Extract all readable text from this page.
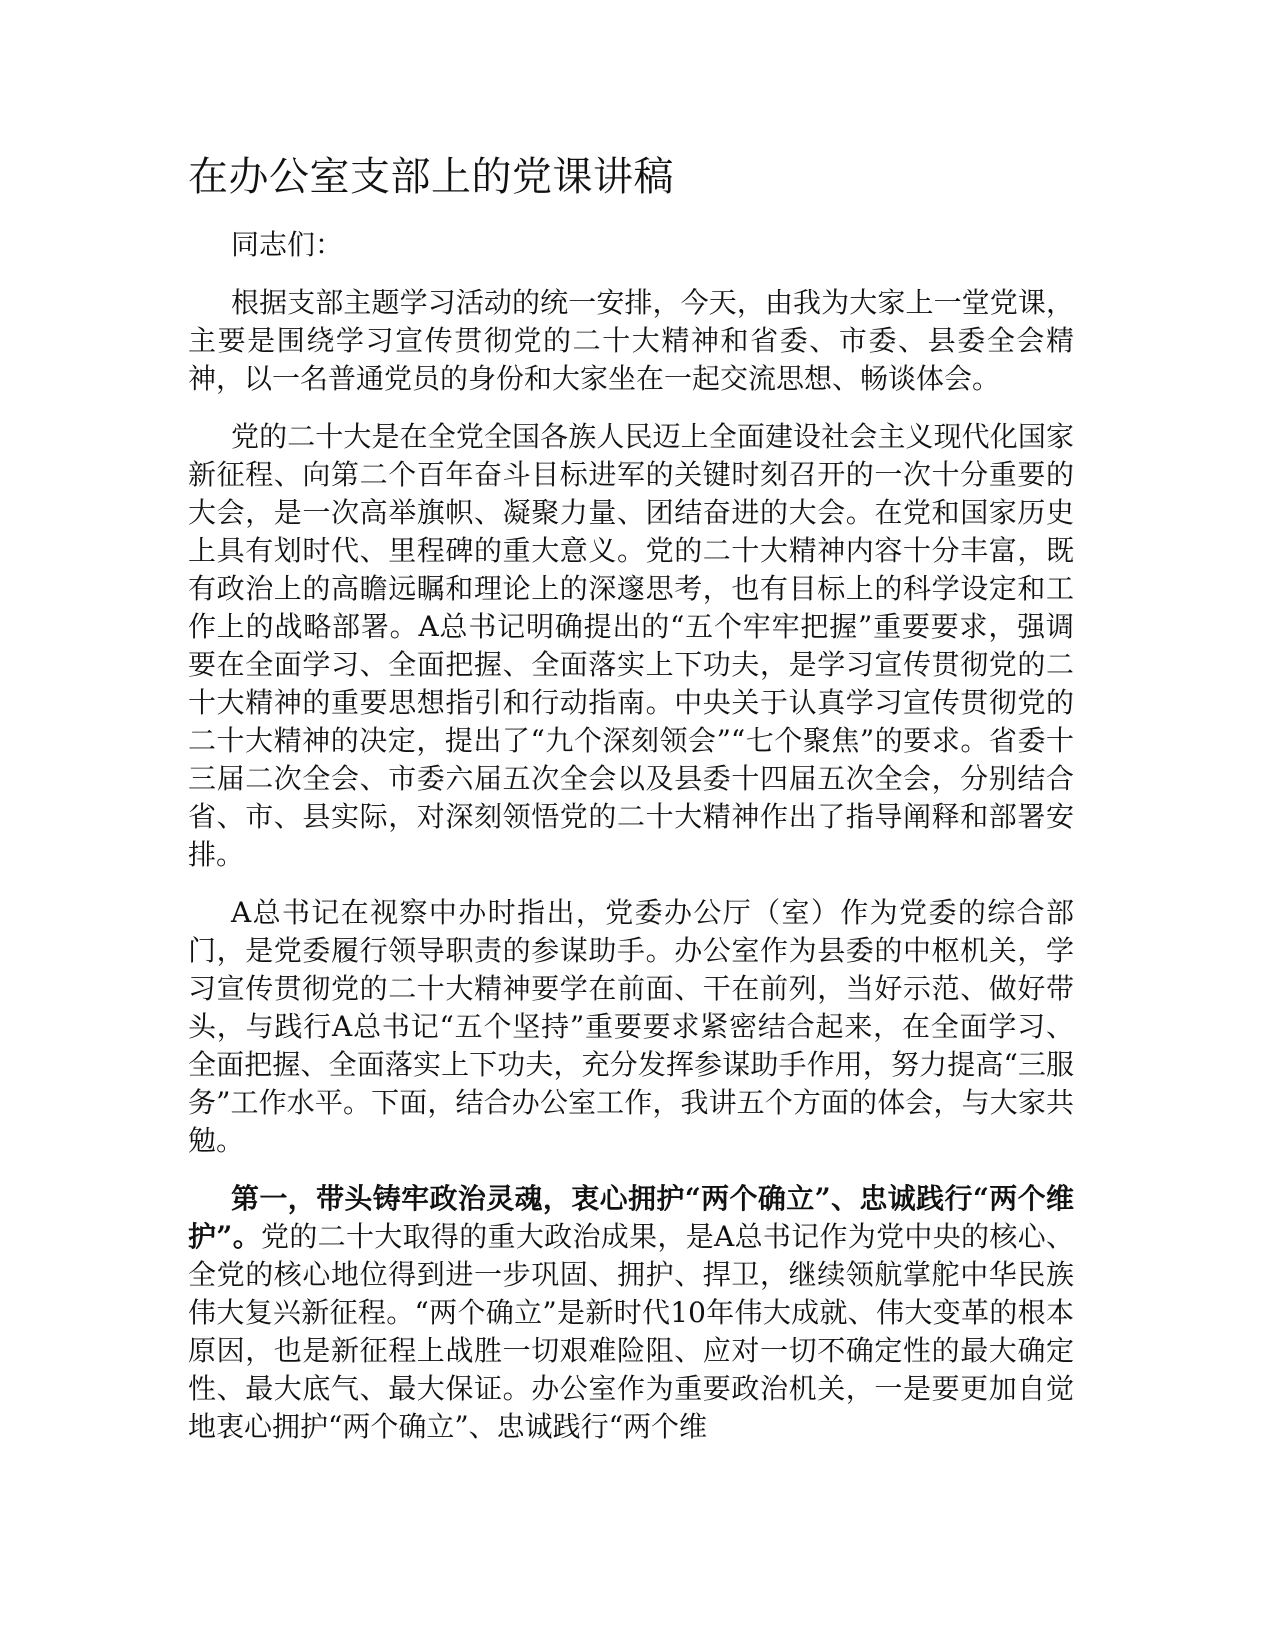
在办公室支部上的党课讲稿

同志们：

根据支部主题学习活动的统一安排，今天，由我为大家上一堂党课，主要是围绕学习宣传贯彻党的二十大精神和省委、市委、县委全会精神，以一名普通党员的身份和大家坐在一起交流思想、畅谈体会。

党的二十大是在全党全国各族人民迈上全面建设社会主义现代化国家新征程、向第二个百年奋斗目标进军的关键时刻召开的一次十分重要的大会，是一次高举旗帜、凝聚力量、团结奋进的大会。在党和国家历史上具有划时代、里程碑的重大意义。党的二十大精神内容十分丰富，既有政治上的高瞻远瞩和理论上的深邃思考，也有目标上的科学设定和工作上的战略部署。A总书记明确提出的“五个牢牢把握”重要要求，强调要在全面学习、全面把握、全面落实上下功夫，是学习宣传贯彻党的二十大精神的重要思想指引和行动指南。中央关于认真学习宣传贯彻党的二十大精神的决定，提出了“九个深刻领会”“七个聚焦”的要求。省委十三届二次全会、市委六届五次全会以及县委十四届五次全会，分别结合省、市、县实际，对深刻领悟党的二十大精神作出了指导阐释和部署安排。

A总书记在视察中办时指出，党委办公厅（室）作为党委的综合部门，是党委履行领导职责的参谋助手。办公室作为县委的中枢机关，学习宣传贯彻党的二十大精神要学在前面、干在前列，当好示范、做好带头，与践行A总书记“五个坚持”重要要求紧密结合起来，在全面学习、全面把握、全面落实上下功夫，充分发挥参谋助手作用，努力提高“三服务”工作水平。下面，结合办公室工作，我讲五个方面的体会，与大家共勉。

第一，带头铸牢政治灵魂，衷心拥护“两个确立”、忠诚践行“两个维护”。党的二十大取得的重大政治成果，是A总书记作为党中央的核心、全党的核心地位得到进一步巩固、拥护、捍卫，继续领航掌舵中华民族伟大复兴新征程。“两个确立”是新时代10年伟大成就、伟大变革的根本原因，也是新征程上战胜一切艰难险阻、应对一切不确定性的最大确定性、最大底气、最大保证。办公室作为重要政治机关，一是要更加自觉地衷心拥护“两个确立”、忠诚践行“两个维
